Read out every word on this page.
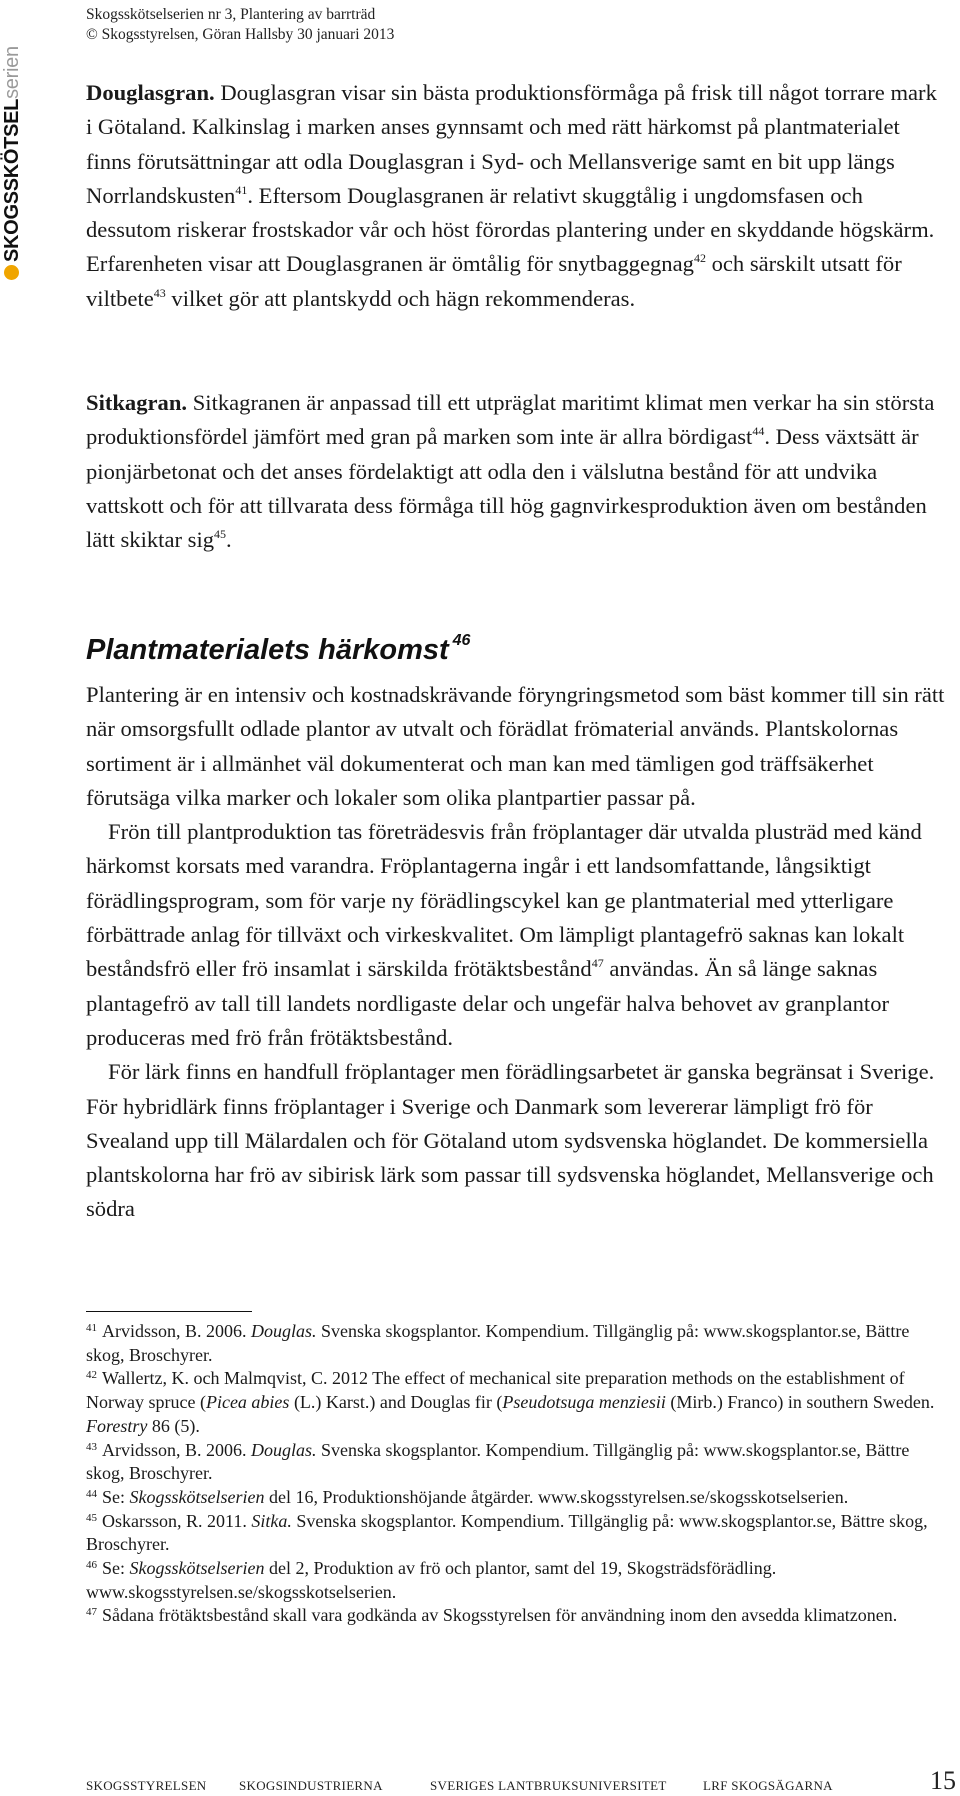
Skogsskötselserien nr 3, Plantering av barrträd
© Skogsstyrelsen, Göran Hallsby 30 januari 2013
SKOGSSKÖTSELserien	Douglasgran. Douglasgran visar sin bästa produktionsförmåga på frisk till något torrare mark i Götaland. Kalkinslag i marken anses gynnsamt och med rätt härkomst på plantmaterialet finns förutsättningar att odla Douglasgran i Syd- och Mellansverige samt en bit upp längs Norrlandskusten$^{41}$. Eftersom Douglasgranen är relativt skuggtålig i ungdomsfasen och dessutom riskerar frostskador vår och höst förordas plantering under en skyddande högskärm. Erfarenheten visar att Douglasgranen är ömtålig för snytbaggegnag$^{42}$ och särskilt utsatt för viltbete$^{43}$ vilket gör att plantskydd och hägn rekommenderas.

Sitkagran. Sitkagranen är anpassad till ett utpräglat maritimt klimat men verkar ha sin största produktionsfördel jämfört med gran på marken som inte är allra bördigast$^{44}$. Dess växtsätt är pionjärbetonat och det anses fördelaktigt att odla den i välslutna bestånd för att undvika vattskott och för att tillvarata dess förmåga till hög gagnvirkesproduktion även om bestånden lätt skiktar sig$^{45}$.

Plantmaterialets härkomst $^{46}$

Plantering är en intensiv och kostnadskrävande föryngringsmetod som bäst kommer till sin rätt när omsorgsfullt odlade plantor av utvalt och förädlat frömaterial används. Plantskolornas sortiment är i allmänhet väl dokumenterat och man kan med tämligen god träffsäkerhet förutsäga vilka marker och lokaler som olika plantpartier passar på.

Frön till plantproduktion tas företrädesvis från fröplantager där utvalda plusträd med känd härkomst korsats med varandra. Fröplantagerna ingår i ett landsomfattande, långsiktigt förädlingsprogram, som för varje ny förädlingscykel kan ge plantmaterial med ytterligare förbättrade anlag för tillväxt och virkeskvalitet. Om lämpligt plantagefrö saknas kan lokalt beståndsfrö eller frö insamlat i särskilda frötäktsbestånd$^{47}$ användas. Än så länge saknas plantagefrö av tall till landets nordligaste delar och ungefär halva behovet av granplantor produceras med frö från frötäktsbestånd.

För lärk finns en handfull fröplantager men förädlingsarbetet är ganska begränsat i Sverige. För hybridlärk finns fröplantager i Sverige och Danmark som levererar lämpligt frö för Svealand upp till Mälardalen och för Götaland utom sydsvenska höglandet. De kommersiella plantskolorna har frö av sibirisk lärk som passar till sydsvenska höglandet, Mellansverige och södra

$^{41}$ Arvidsson, B. 2006. Douglas. Svenska skogsplantor. Kompendium. Tillgänglig på: www.skogsplantor.se, Bättre skog, Broschyrer.

$^{42}$ Wallertz, K. och Malmqvist, C. 2012 The effect of mechanical site preparation methods on the establishment of Norway spruce (Picea abies (L.) Karst.) and Douglas fir (Pseudotsuga menziesii (Mirb.) Franco) in southern Sweden. Forestry 86 (5).

$^{43}$ Arvidsson, B. 2006. Douglas. Svenska skogsplantor. Kompendium. Tillgänglig på: www.skogsplantor.se, Bättre skog, Broschyrer.

$^{44}$ Se: Skogsskötselserien del 16, Produktionshöjande åtgärder. www.skogsstyrelsen.se/skogsskotselserien.

$^{45}$ Oskarsson, R. 2011. Sitka. Svenska skogsplantor. Kompendium. Tillgänglig på: www.skogsplantor.se, Bättre skog, Broschyrer.

$^{46}$ Se: Skogsskötselserien del 2, Produktion av frö och plantor, samt del 19, Skogsträdsförädling. www.skogsstyrelsen.se/skogsskotselserien.

$^{47}$ Sådana frötäktsbestånd skall vara godkända av Skogsstyrelsen för användning inom den avsedda klimatzonen.

SKOGSSTYRELSEN	SKOGSINDUSTRIERNA	SVERIGES LANTBRUKSUNIVERSITET	LRF SKOGSÄGARNA	15
